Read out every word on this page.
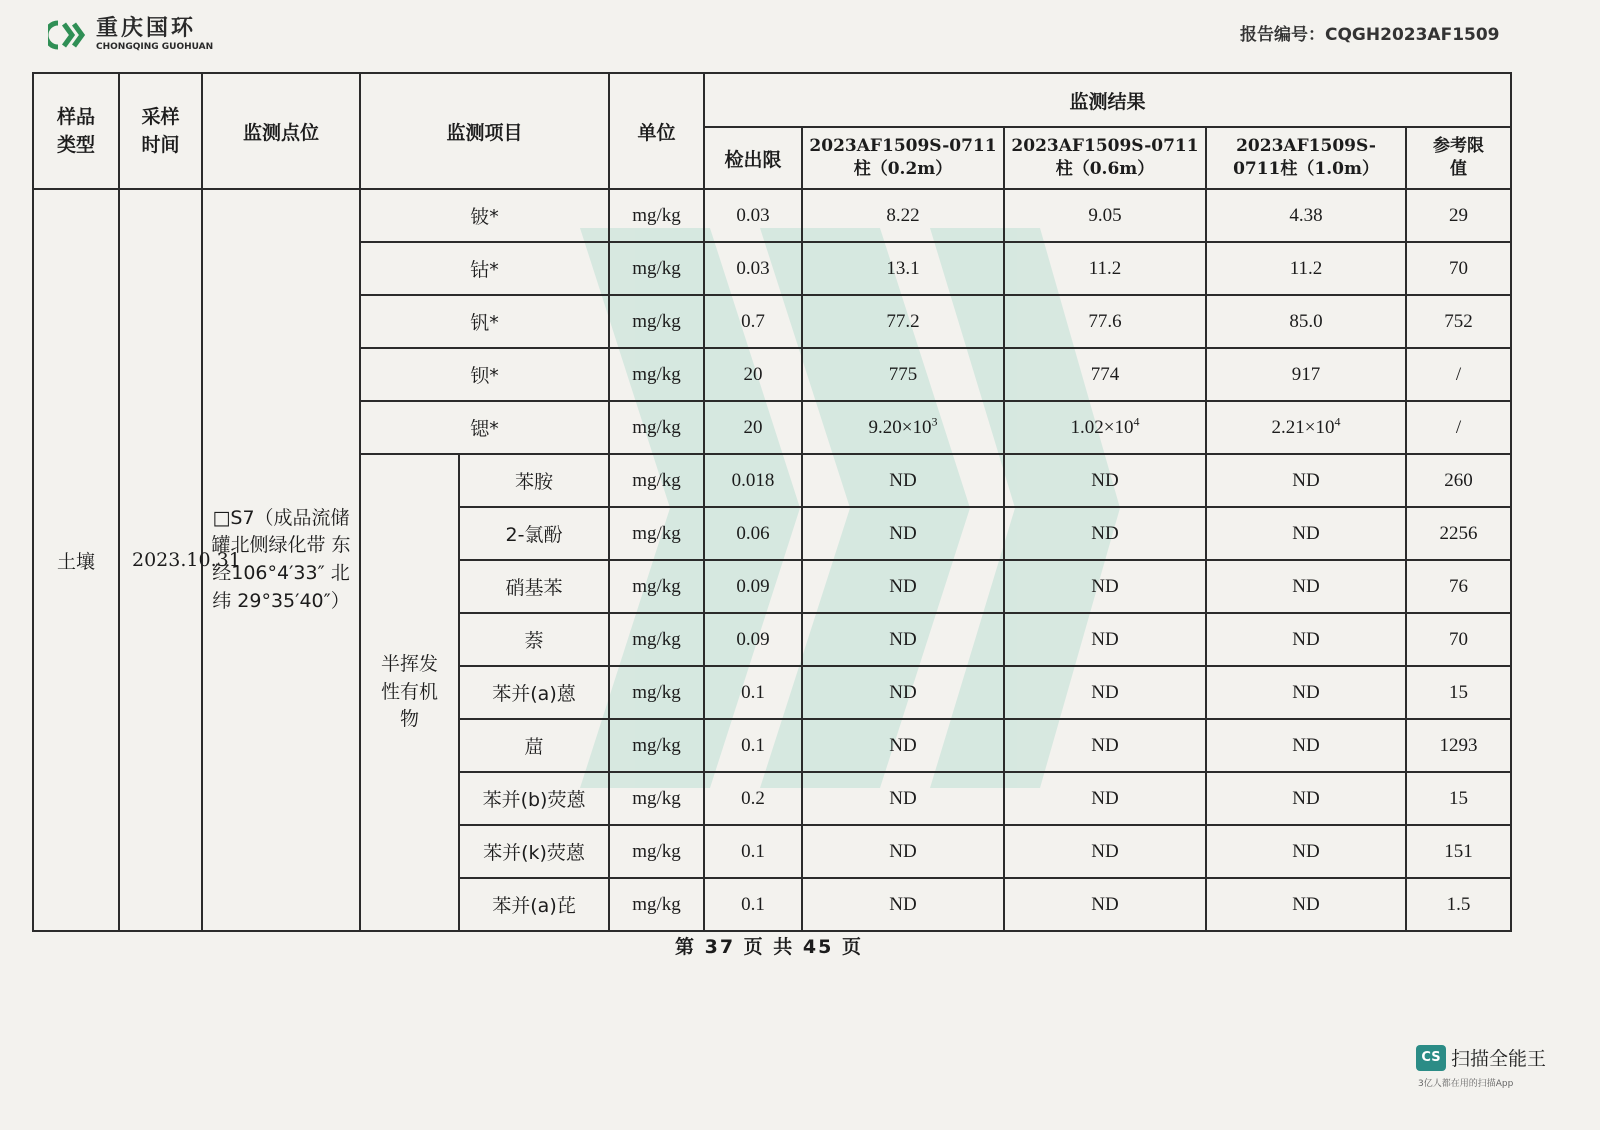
重庆国环
CHONGQING GUOHUAN
报告编号：CQGH2023AF1509
样品类型	采样时间	监测点位	监测项目		单位	监测结果				
						检出限	2023AF1509S-0711柱（0.2m）	2023AF1509S-0711柱（0.6m）	2023AF1509S-0711柱（1.0m）	参考限值
土壤	2023.10.31	□S7（成品流储罐北侧绿化带 东经106°4′33″ 北纬 29°35′40″）	铍*		mg/kg	0.03	8.22	9.05	4.38	29
			钴*		mg/kg	0.03	13.1	11.2	11.2	70
			钒*		mg/kg	0.7	77.2	77.6	85.0	752
			钡*		mg/kg	20	775	774	917	/
			锶*		mg/kg	20	$9.20\times 10^3$	$1.02\times 10^4$	$2.21\times 10^4$	/
			半挥发性有机物	苯胺	mg/kg	0.018	ND	ND	ND	260
				2-氯酚	mg/kg	0.06	ND	ND	ND	2256
				硝基苯	mg/kg	0.09	ND	ND	ND	76
				萘	mg/kg	0.09	ND	ND	ND	70
				苯并(a)蒽	mg/kg	0.1	ND	ND	ND	15
				䓛	mg/kg	0.1	ND	ND	ND	1293
				苯并(b)荧蒽	mg/kg	0.2	ND	ND	ND	15
				苯并(k)荧蒽	mg/kg	0.1	ND	ND	ND	151
				苯并(a)芘	mg/kg	0.1	ND	ND	ND	1.5
第 37 页 共 45 页
CS 扫描全能王
3亿人都在用的扫描App
